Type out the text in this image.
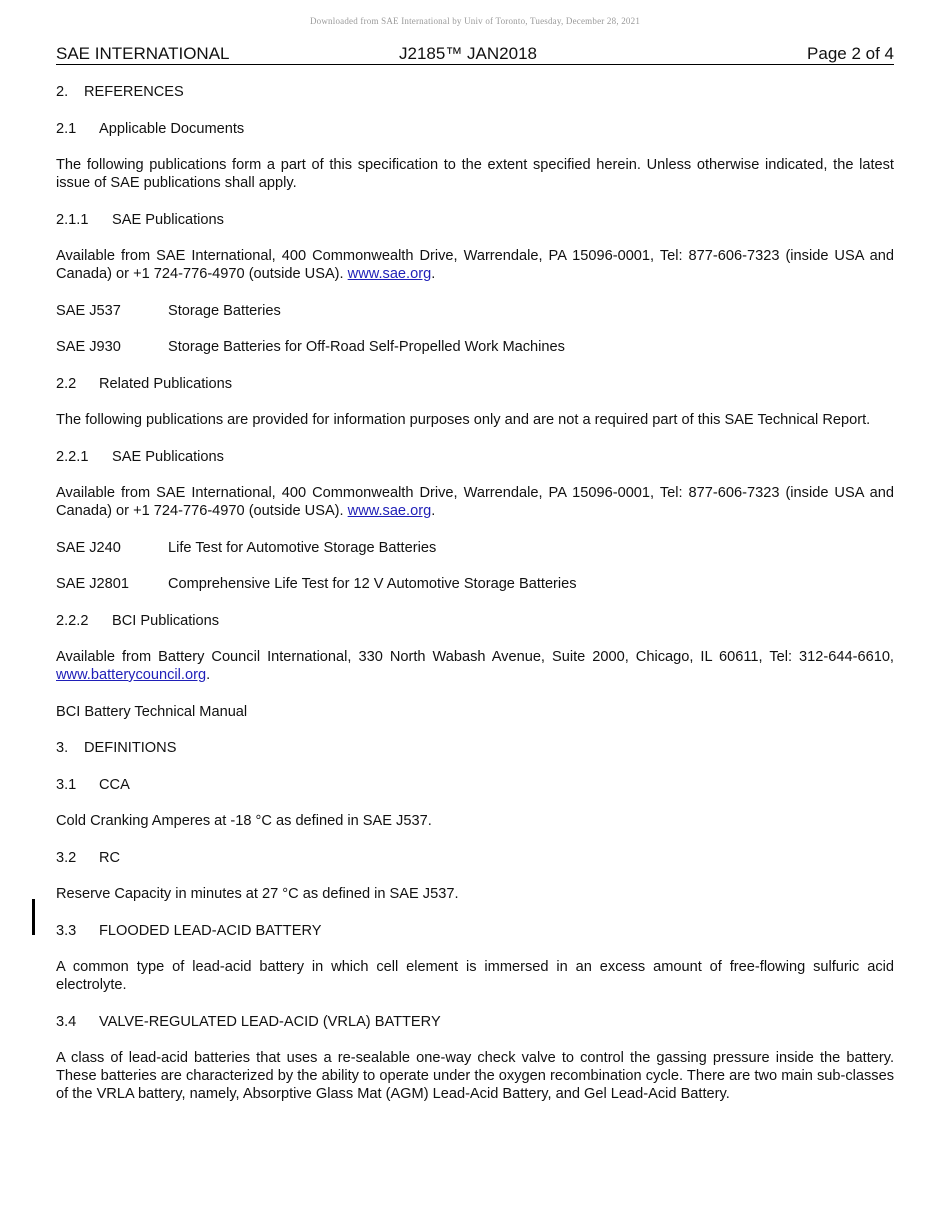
Downloaded from SAE International by Univ of Toronto, Tuesday, December 28, 2021
SAE INTERNATIONAL	J2185™ JAN2018	Page 2 of 4
2. REFERENCES
2.1 Applicable Documents

The following publications form a part of this specification to the extent specified herein. Unless otherwise indicated, the latest issue of SAE publications shall apply.

2.1.1 SAE Publications

Available from SAE International, 400 Commonwealth Drive, Warrendale, PA 15096-0001, Tel: 877-606-7323 (inside USA and Canada) or +1 724-776-4970 (outside USA). www.sae.org.

SAE J537	Storage Batteries
SAE J930	Storage Batteries for Off-Road Self-Propelled Work Machines
2.2 Related Publications

The following publications are provided for information purposes only and are not a required part of this SAE Technical Report.

2.2.1 SAE Publications

Available from SAE International, 400 Commonwealth Drive, Warrendale, PA 15096-0001, Tel: 877-606-7323 (inside USA and Canada) or +1 724-776-4970 (outside USA). www.sae.org.

SAE J240	Life Test for Automotive Storage Batteries
SAE J2801	Comprehensive Life Test for 12 V Automotive Storage Batteries
2.2.2 BCI Publications

Available from Battery Council International, 330 North Wabash Avenue, Suite 2000, Chicago, IL 60611, Tel: 312-644-6610, www.batterycouncil.org.

BCI Battery Technical Manual

3. DEFINITIONS
3.1 CCA

Cold Cranking Amperes at -18 °C as defined in SAE J537.

3.2 RC

Reserve Capacity in minutes at 27 °C as defined in SAE J537.

3.3 FLOODED LEAD-ACID BATTERY

A common type of lead-acid battery in which cell element is immersed in an excess amount of free-flowing sulfuric acid electrolyte.

3.4 VALVE-REGULATED LEAD-ACID (VRLA) BATTERY

A class of lead-acid batteries that uses a re-sealable one-way check valve to control the gassing pressure inside the battery. These batteries are characterized by the ability to operate under the oxygen recombination cycle. There are two main sub-classes of the VRLA battery, namely, Absorptive Glass Mat (AGM) Lead-Acid Battery, and Gel Lead-Acid Battery.
